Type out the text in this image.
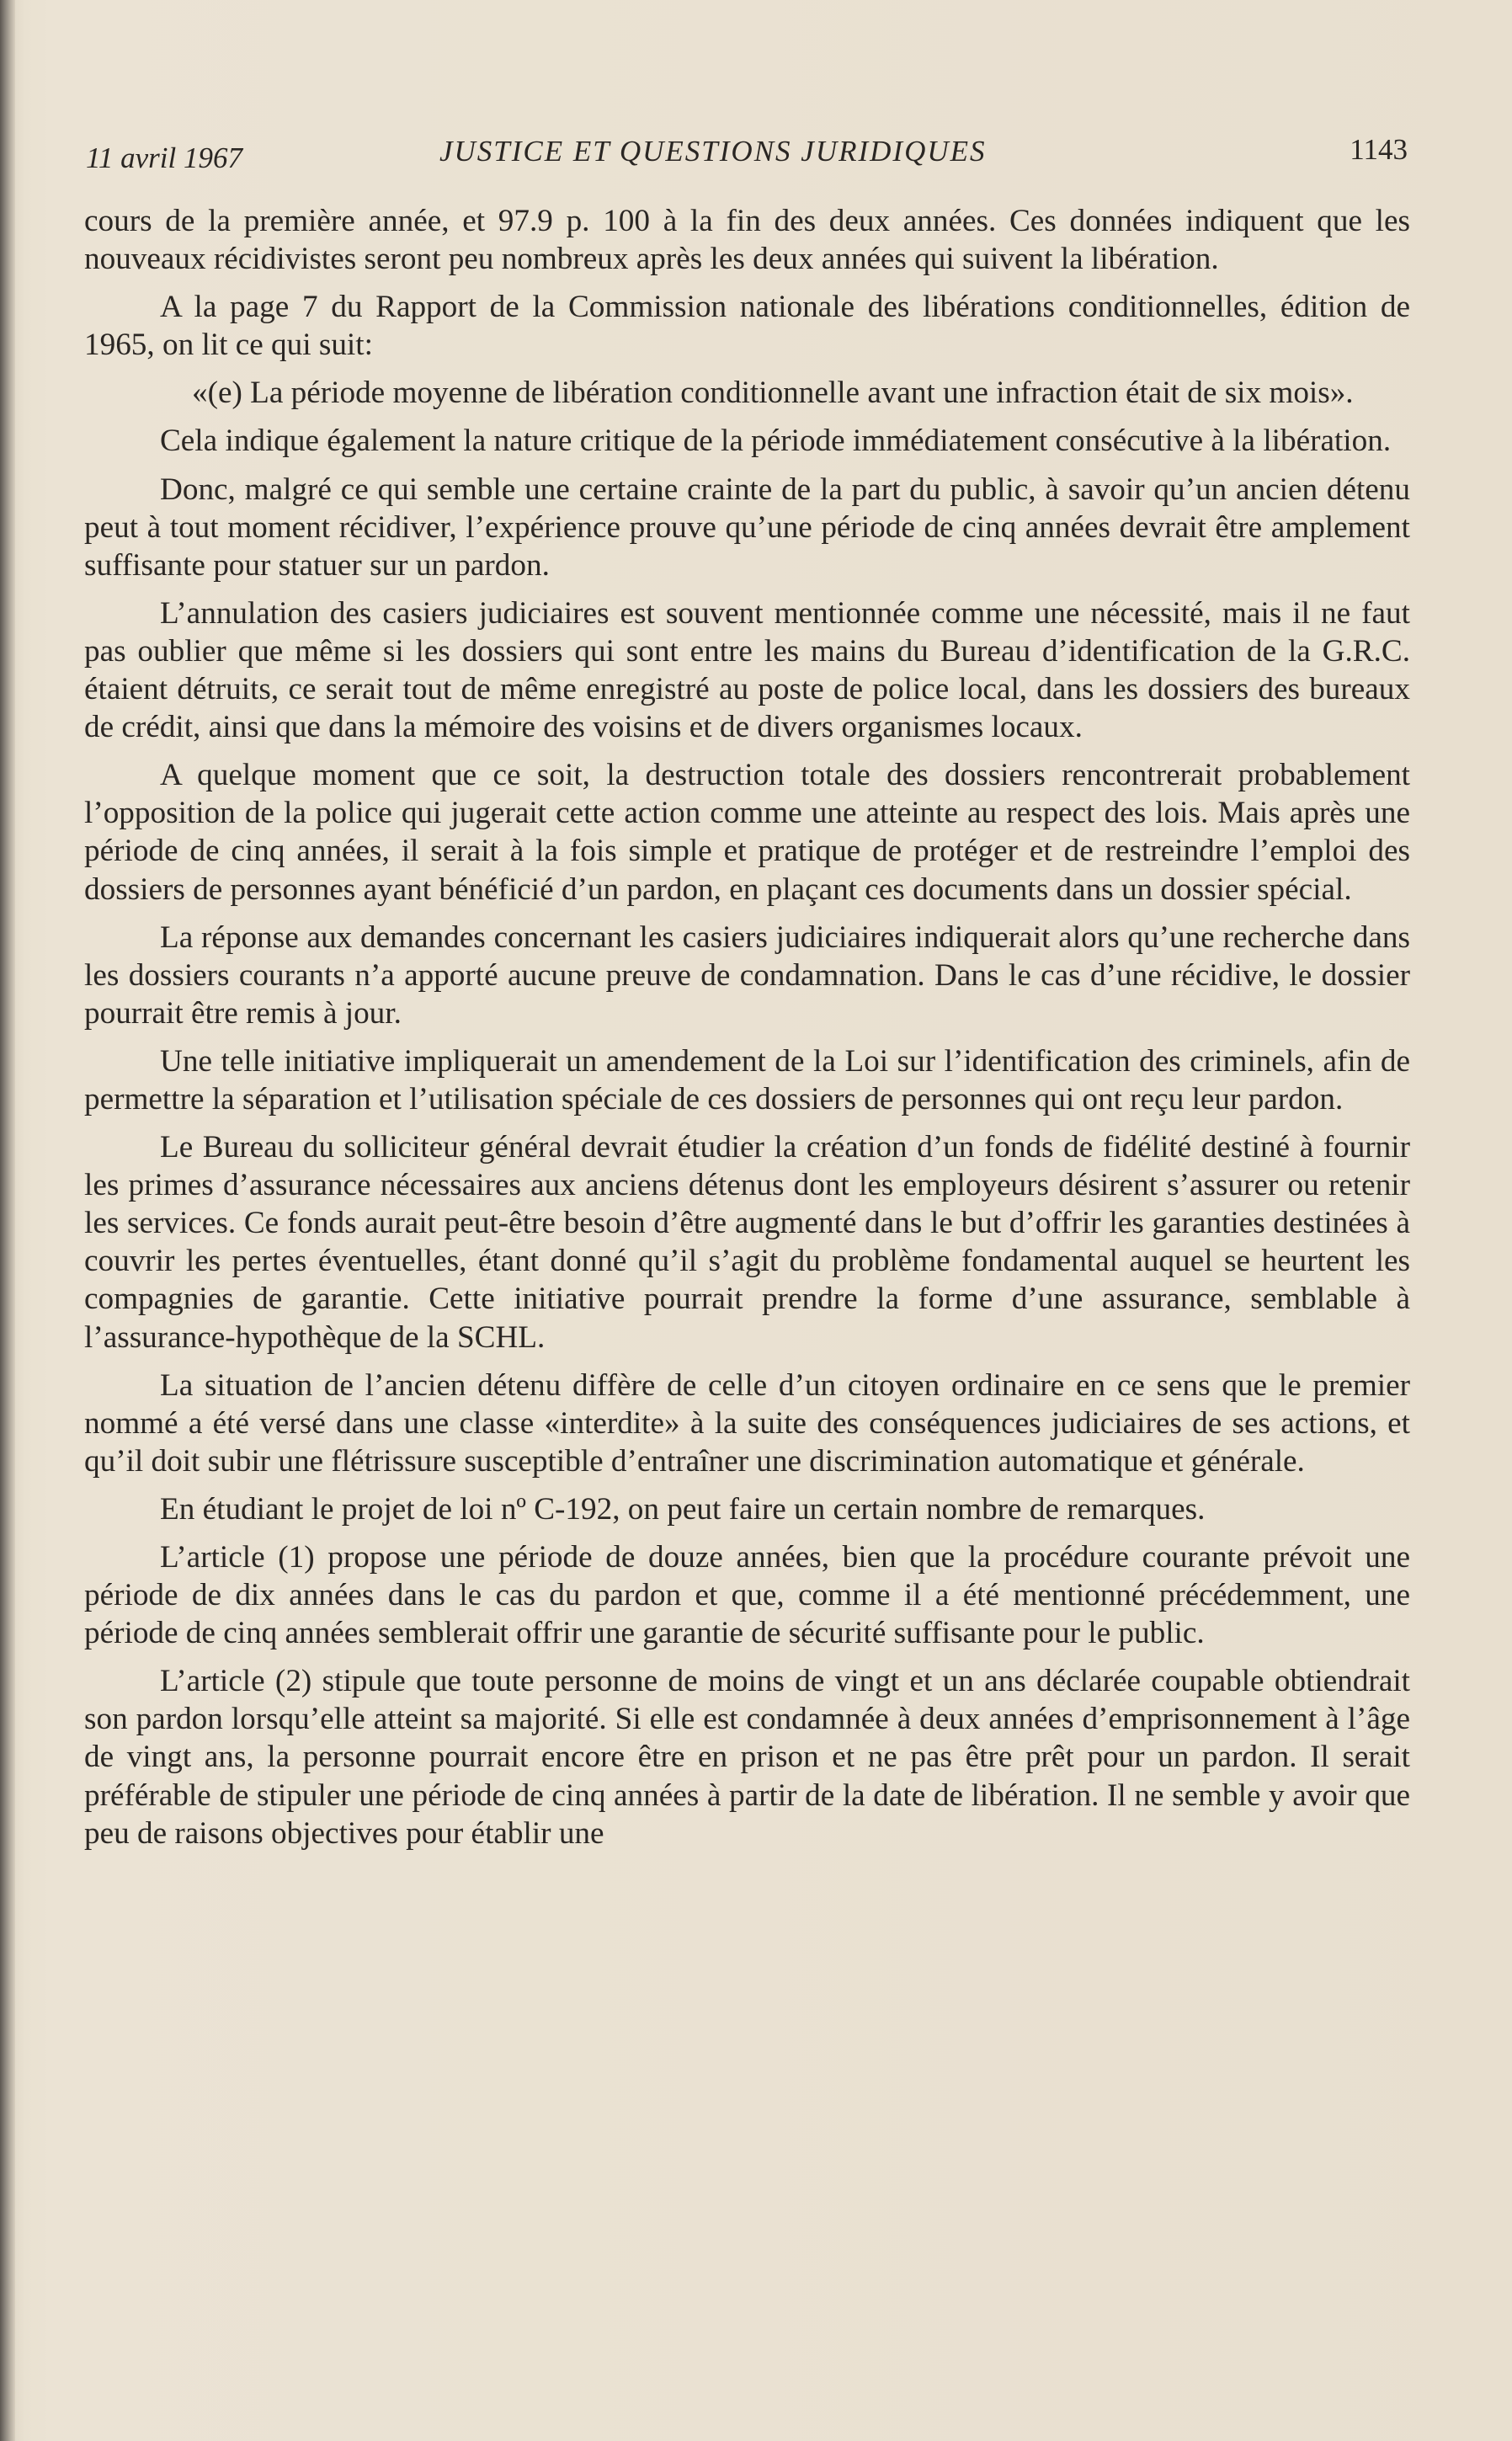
11 avril 1967	JUSTICE ET QUESTIONS JURIDIQUES	1143

cours de la première année, et 97.9 p. 100 à la fin des deux années. Ces données indiquent que les nouveaux récidivistes seront peu nombreux après les deux années qui suivent la libération.

A la page 7 du Rapport de la Commission nationale des libérations conditionnelles, édition de 1965, on lit ce qui suit:

«(e) La période moyenne de libération conditionnelle avant une infraction était de six mois».

Cela indique également la nature critique de la période immédiatement consécutive à la libération.

Donc, malgré ce qui semble une certaine crainte de la part du public, à savoir qu’un ancien détenu peut à tout moment récidiver, l’expérience prouve qu’une période de cinq années devrait être amplement suffisante pour statuer sur un pardon.

L’annulation des casiers judiciaires est souvent mentionnée comme une nécessité, mais il ne faut pas oublier que même si les dossiers qui sont entre les mains du Bureau d’identification de la G.R.C. étaient détruits, ce serait tout de même enregistré au poste de police local, dans les dossiers des bureaux de crédit, ainsi que dans la mémoire des voisins et de divers organismes locaux.

A quelque moment que ce soit, la destruction totale des dossiers rencontrerait probablement l’opposition de la police qui jugerait cette action comme une atteinte au respect des lois. Mais après une période de cinq années, il serait à la fois simple et pratique de protéger et de restreindre l’emploi des dossiers de personnes ayant bénéficié d’un pardon, en plaçant ces documents dans un dossier spécial.

La réponse aux demandes concernant les casiers judiciaires indiquerait alors qu’une recherche dans les dossiers courants n’a apporté aucune preuve de condamnation. Dans le cas d’une récidive, le dossier pourrait être remis à jour.

Une telle initiative impliquerait un amendement de la Loi sur l’identification des criminels, afin de permettre la séparation et l’utilisation spéciale de ces dossiers de personnes qui ont reçu leur pardon.

Le Bureau du solliciteur général devrait étudier la création d’un fonds de fidélité destiné à fournir les primes d’assurance nécessaires aux anciens détenus dont les employeurs désirent s’assurer ou retenir les services. Ce fonds aurait peut-être besoin d’être augmenté dans le but d’offrir les garanties destinées à couvrir les pertes éventuelles, étant donné qu’il s’agit du problème fondamental auquel se heurtent les compagnies de garantie. Cette initiative pourrait prendre la forme d’une assurance, semblable à l’assurance-hypothèque de la SCHL.

La situation de l’ancien détenu diffère de celle d’un citoyen ordinaire en ce sens que le premier nommé a été versé dans une classe «interdite» à la suite des conséquences judiciaires de ses actions, et qu’il doit subir une flétrissure susceptible d’entraîner une discrimination automatique et générale.

En étudiant le projet de loi nº C-192, on peut faire un certain nombre de remarques.

L’article (1) propose une période de douze années, bien que la procédure courante prévoit une période de dix années dans le cas du pardon et que, comme il a été mentionné précédemment, une période de cinq années semblerait offrir une garantie de sécurité suffisante pour le public.

L’article (2) stipule que toute personne de moins de vingt et un ans déclarée coupable obtiendrait son pardon lorsqu’elle atteint sa majorité. Si elle est condamnée à deux années d’emprisonnement à l’âge de vingt ans, la personne pourrait encore être en prison et ne pas être prêt pour un pardon. Il serait préférable de stipuler une période de cinq années à partir de la date de libération. Il ne semble y avoir que peu de raisons objectives pour établir une
